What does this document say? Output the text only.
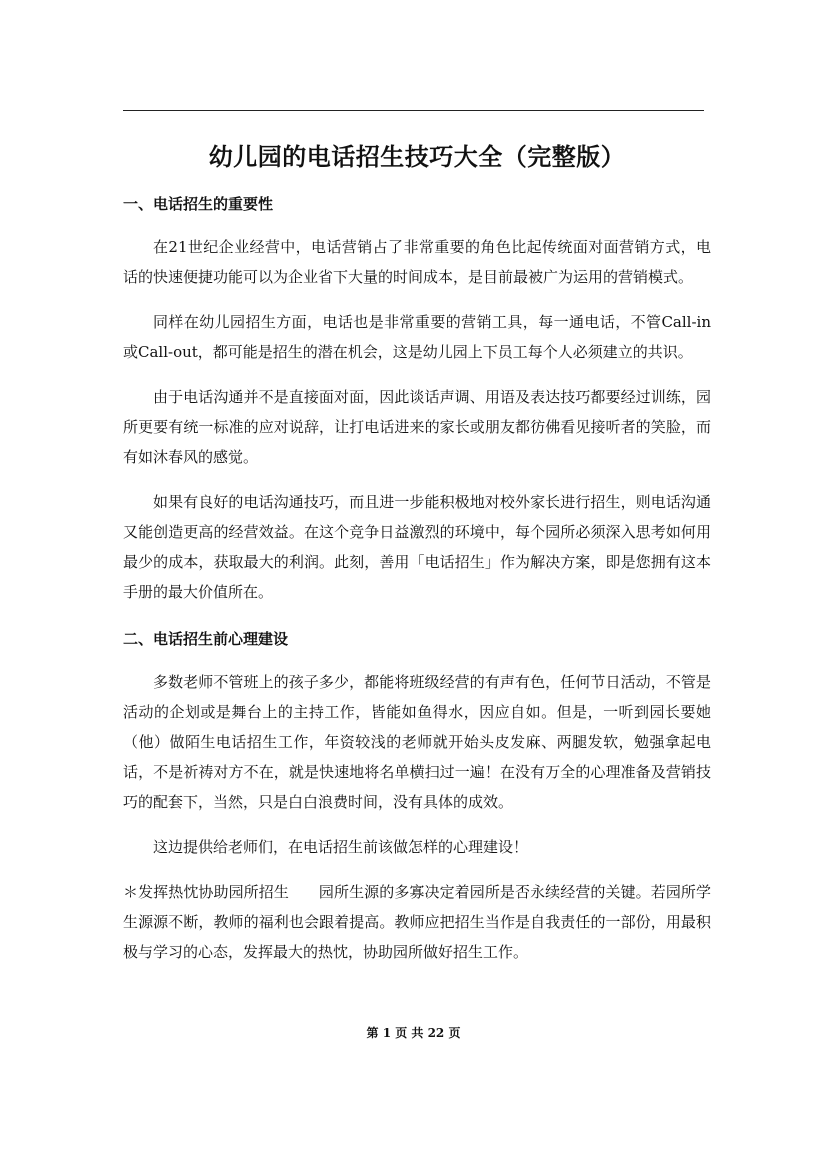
幼儿园的电话招生技巧大全（完整版）
一、电话招生的重要性

在21世纪企业经营中，电话营销占了非常重要的角色比起传统面对面营销方式，电话的快速便捷功能可以为企业省下大量的时间成本，是目前最被广为运用的营销模式。

同样在幼儿园招生方面，电话也是非常重要的营销工具，每一通电话，不管Call-in或Call-out，都可能是招生的潜在机会，这是幼儿园上下员工每个人必须建立的共识。

由于电话沟通并不是直接面对面，因此谈话声调、用语及表达技巧都要经过训练，园所更要有统一标准的应对说辞，让打电话进来的家长或朋友都彷佛看见接听者的笑脸，而有如沐春风的感觉。

如果有良好的电话沟通技巧，而且进一步能积极地对校外家长进行招生，则电话沟通又能创造更高的经营效益。在这个竞争日益激烈的环境中，每个园所必须深入思考如何用最少的成本，获取最大的利润。此刻，善用「电话招生」作为解决方案，即是您拥有这本手册的最大价值所在。

二、电话招生前心理建设

多数老师不管班上的孩子多少，都能将班级经营的有声有色，任何节日活动，不管是活动的企划或是舞台上的主持工作，皆能如鱼得水，因应自如。但是，一听到园长要她（他）做陌生电话招生工作，年资较浅的老师就开始头皮发麻、两腿发软，勉强拿起电话，不是祈祷对方不在，就是快速地将名单横扫过一遍！在没有万全的心理准备及营销技巧的配套下，当然，只是白白浪费时间，没有具体的成效。

这边提供给老师们，在电话招生前该做怎样的心理建设！

＊发挥热忱协助园所招生 园所生源的多寡决定着园所是否永续经营的关键。若园所学生源源不断，教师的福利也会跟着提高。教师应把招生当作是自我责任的一部份，用最积极与学习的心态，发挥最大的热忱，协助园所做好招生工作。

第 1 页 共 22 页
